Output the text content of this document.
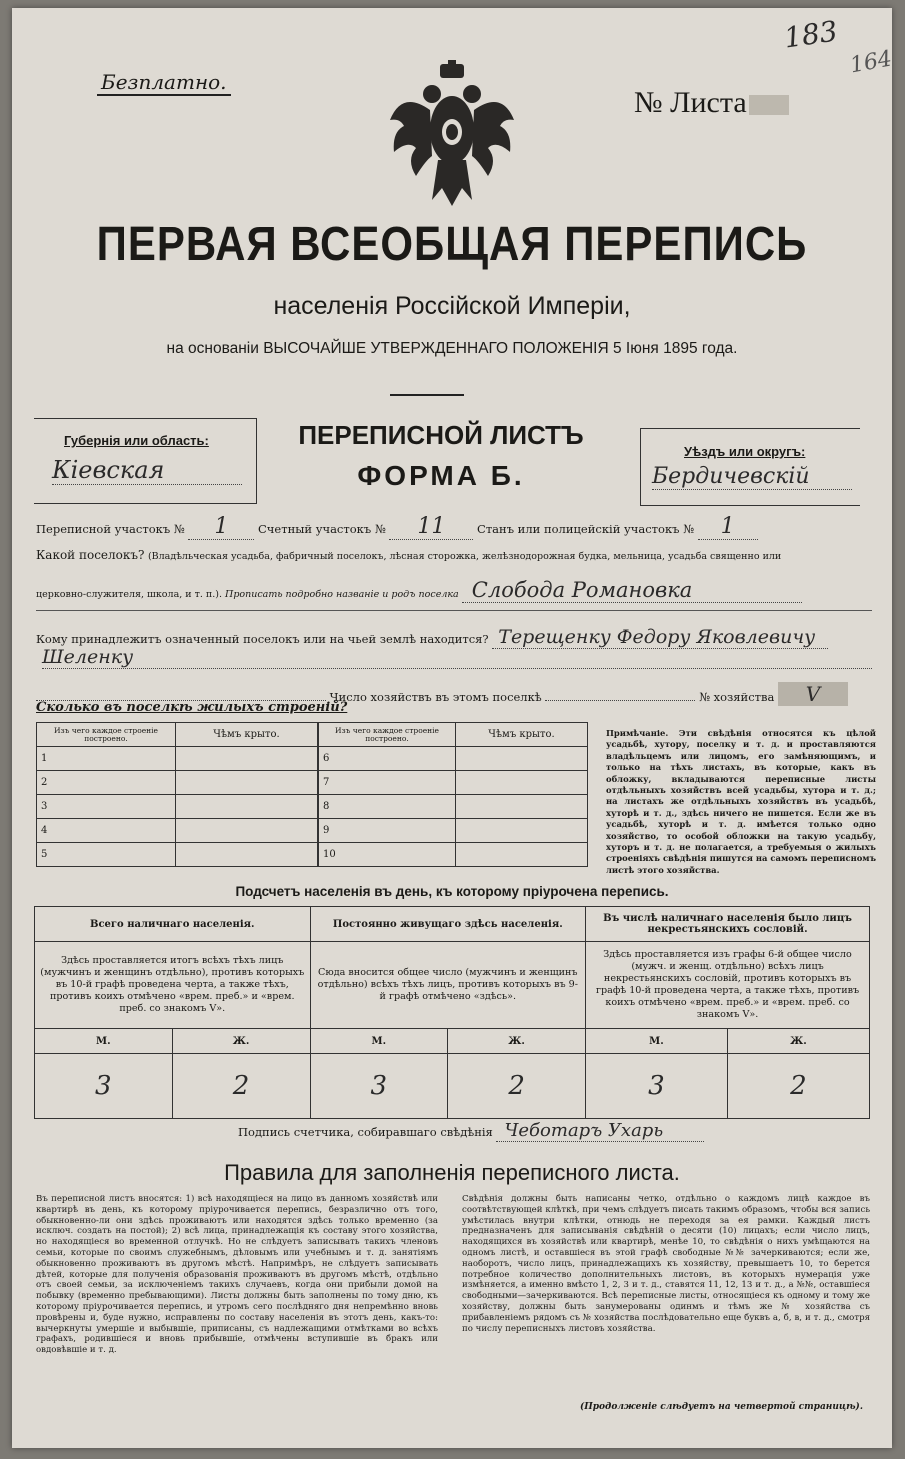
Безплатно.
183
164
№ Листа
ПЕРВАЯ ВСЕОБЩАЯ ПЕРЕПИСЬ
населенія Россійской Имперіи,
на основаніи ВЫСОЧАЙШЕ УТВЕРЖДЕННАГО ПОЛОЖЕНІЯ 5 Іюня 1895 года.
Губернія или область:
Кіевская
ПЕРЕПИСНОЙ ЛИСТЪ
ФОРМА Б.
Уѣздъ или округъ:
Бердичевскій
Переписной участокъ № 1	Счетный участокъ № 11	Станъ или полицейскій участокъ № 1
Какой поселокъ? (Владѣльческая усадьба, фабричный поселокъ, лѣсная сторожка, желѣзнодорожная будка, мельница, усадьба священно или
церковно-служителя, школа, и т. п.). Прописать подробно названіе и родъ поселка Слобода Романовка
Кому принадлежитъ означенный поселокъ или на чьей землѣ находится? Терещенку Федору Яковлевичу
Шеленку
Число хозяйствъ въ этомъ поселкѣ	№ хозяйства V
Сколько въ поселкѣ жилыхъ строеній?
Изъ чего каждое строеніе построено.	Чѣмъ крыто.
1	
2	
3	
4	
5	
Изъ чего каждое строеніе построено.	Чѣмъ крыто.
6	
7	
8	
9	
10	
Примѣчаніе. Эти свѣдѣнія относятся къ цѣлой усадьбѣ, хутору, поселку и т. д. и проставляются владѣльцемъ или лицомъ, его замѣняющимъ, и только на тѣхъ листахъ, въ которые, какъ въ обложку, вкладываются переписные листы отдѣльныхъ хозяйствъ всей усадьбы, хутора и т. д.; на листахъ же отдѣльныхъ хозяйствъ въ усадьбѣ, хуторѣ и т. д., здѣсь ничего не пишется. Если же въ усадьбѣ, хуторѣ и т. д. имѣется только одно хозяйство, то особой обложки на такую усадьбу, хуторъ и т. д. не полагается, а требуемыя о жилыхъ строеніяхъ свѣдѣнія пишутся на самомъ переписномъ листѣ этого хозяйства.
Подсчетъ населенія въ день, къ которому пріурочена перепись.
Всего наличнаго населенія.		Постоянно живущаго здѣсь населенія.		Въ числѣ наличнаго населенія было лицъ некрестьянскихъ сословій.	
Здѣсь проставляется итогъ всѣхъ тѣхъ лицъ (мужчинъ и женщинъ отдѣльно), противъ которыхъ въ 10-й графѣ проведена черта, а также тѣхъ, противъ коихъ отмѣчено «врем. преб.» и «врем. преб. со знакомъ V».		Сюда вносится общее число (мужчинъ и женщинъ отдѣльно) всѣхъ тѣхъ лицъ, противъ которыхъ въ 9-й графѣ отмѣчено «здѣсь».		Здѣсь проставляется изъ графы 6-й общее число (мужч. и женщ. отдѣльно) всѣхъ лицъ некрестьянскихъ сословій, противъ которыхъ въ графѣ 10-й проведена черта, а также тѣхъ, противъ коихъ отмѣчено «врем. преб.» и «врем. преб. со знакомъ V».	
М.	Ж.	М.	Ж.	М.	Ж.
3	2	3	2	3	2
Подпись счетчика, собиравшаго свѣдѣнія Чеботаръ Ухарь
Правила для заполненія переписного листа.
Въ переписной листъ вносятся: 1) всѣ находящіеся на лицо въ данномъ хозяйствѣ или квартирѣ въ день, къ которому пріурочивается перепись, безразлично отъ того, обыкновенно-ли они здѣсь проживаютъ или находятся здѣсь только временно (за исключ. создать на постой); 2) всѣ лица, принадлежащія къ составу этого хозяйства, но находящіеся во временной отлучкѣ. Но не слѣдуетъ записывать такихъ членовъ семьи, которые по своимъ служебнымъ, дѣловымъ или учебнымъ и т. д. занятіямъ обыкновенно проживаютъ въ другомъ мѣстѣ. Напримѣръ, не слѣдуетъ записывать дѣтей, которые для полученія образованія проживаютъ въ другомъ мѣстѣ, отдѣльно отъ своей семьи, за исключеніемъ такихъ случаевъ, когда они прибыли домой на побывку (временно пребывающими). Листы должны быть заполнены по тому дню, къ которому пріурочивается перепись, и утромъ сего послѣдняго дня непремѣнно вновь провѣрены и, буде нужно, исправлены по составу населенія въ этотъ день, какъ-то: вычеркнуты умершіе и выбывшіе, приписаны, съ надлежащими отмѣтками во всѣхъ графахъ, родившіеся и вновь прибывшіе, отмѣчены вступившіе въ бракъ или овдовѣвшіе и т. д.
Свѣдѣнія должны быть написаны четко, отдѣльно о каждомъ лицѣ каждое въ соотвѣтствующей клѣткѣ, при чемъ слѣдуетъ писать такимъ образомъ, чтобы вся запись умѣстилась внутри клѣтки, отнюдь не переходя за ея рамки. Каждый листъ предназначенъ для записыванія свѣдѣній о десяти (10) лицахъ; если число лицъ, находящихся въ хозяйствѣ или квартирѣ, менѣе 10, то свѣдѣнія о нихъ умѣщаются на одномъ листѣ, и оставшіеся въ этой графѣ свободные №№ зачеркиваются; если же, наоборотъ, число лицъ, принадлежащихъ къ хозяйству, превышаетъ 10, то берется потребное количество дополнительныхъ листовъ, въ которыхъ нумерація уже измѣняется, а именно вмѣсто 1, 2, 3 и т. д., ставятся 11, 12, 13 и т. д., а №№, оставшіеся свободными—зачеркиваются. Всѣ переписные листы, относящіеся къ одному и тому же хозяйству, должны быть занумерованы одинмъ и тѣмъ же № хозяйства съ прибавленіемъ рядомъ съ № хозяйства послѣдовательно еще буквъ а, б, в, и т. д., смотря по числу переписныхъ листовъ хозяйства.
(Продолженіе слѣдуетъ на четвертой страницѣ).
